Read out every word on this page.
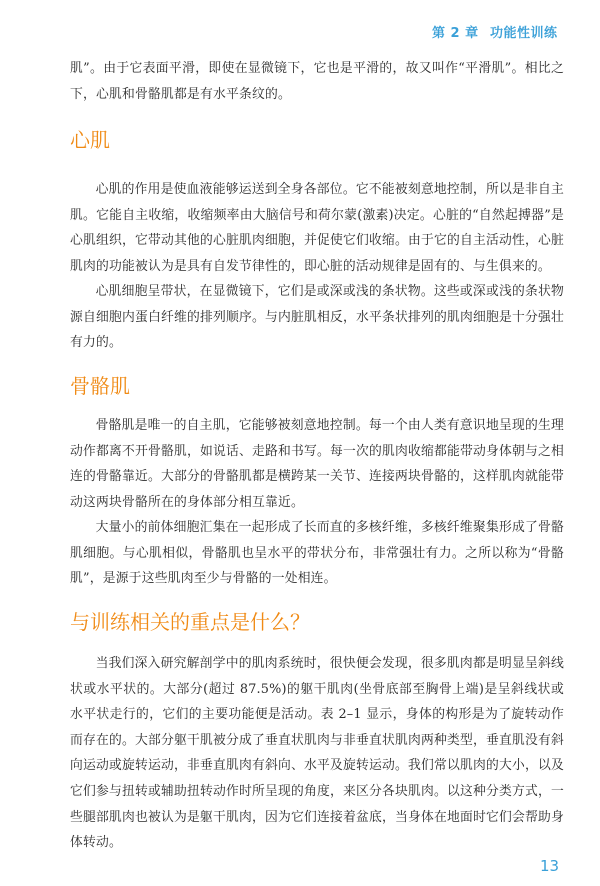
第 2 章 功能性训练
肌”。由于它表面平滑，即使在显微镜下，它也是平滑的，故又叫作“平滑肌”。相比之下，心肌和骨骼肌都是有水平条纹的。
心肌
心肌的作用是使血液能够运送到全身各部位。它不能被刻意地控制，所以是非自主肌。它能自主收缩，收缩频率由大脑信号和荷尔蒙(激素)决定。心脏的“自然起搏器”是心肌组织，它带动其他的心脏肌肉细胞，并促使它们收缩。由于它的自主活动性，心脏肌肉的功能被认为是具有自发节律性的，即心脏的活动规律是固有的、与生俱来的。
心肌细胞呈带状，在显微镜下，它们是或深或浅的条状物。这些或深或浅的条状物源自细胞内蛋白纤维的排列顺序。与内脏肌相反，水平条状排列的肌肉细胞是十分强壮有力的。
骨骼肌
骨骼肌是唯一的自主肌，它能够被刻意地控制。每一个由人类有意识地呈现的生理动作都离不开骨骼肌，如说话、走路和书写。每一次的肌肉收缩都能带动身体朝与之相连的骨骼靠近。大部分的骨骼肌都是横跨某一关节、连接两块骨骼的，这样肌肉就能带动这两块骨骼所在的身体部分相互靠近。
大量小的前体细胞汇集在一起形成了长而直的多核纤维，多核纤维聚集形成了骨骼肌细胞。与心肌相似，骨骼肌也呈水平的带状分布，非常强壮有力。之所以称为“骨骼肌”，是源于这些肌肉至少与骨骼的一处相连。
与训练相关的重点是什么？
当我们深入研究解剖学中的肌肉系统时，很快便会发现，很多肌肉都是明显呈斜线状或水平状的。大部分(超过 87.5%)的躯干肌肉(坐骨底部至胸骨上端)是呈斜线状或水平状走行的，它们的主要功能便是活动。表 2–1 显示，身体的构形是为了旋转动作而存在的。大部分躯干肌被分成了垂直状肌肉与非垂直状肌肉两种类型，垂直肌没有斜向运动或旋转运动，非垂直肌肉有斜向、水平及旋转运动。我们常以肌肉的大小，以及它们参与扭转或辅助扭转动作时所呈现的角度，来区分各块肌肉。以这种分类方式，一些腿部肌肉也被认为是躯干肌肉，因为它们连接着盆底，当身体在地面时它们会帮助身体转动。
13
